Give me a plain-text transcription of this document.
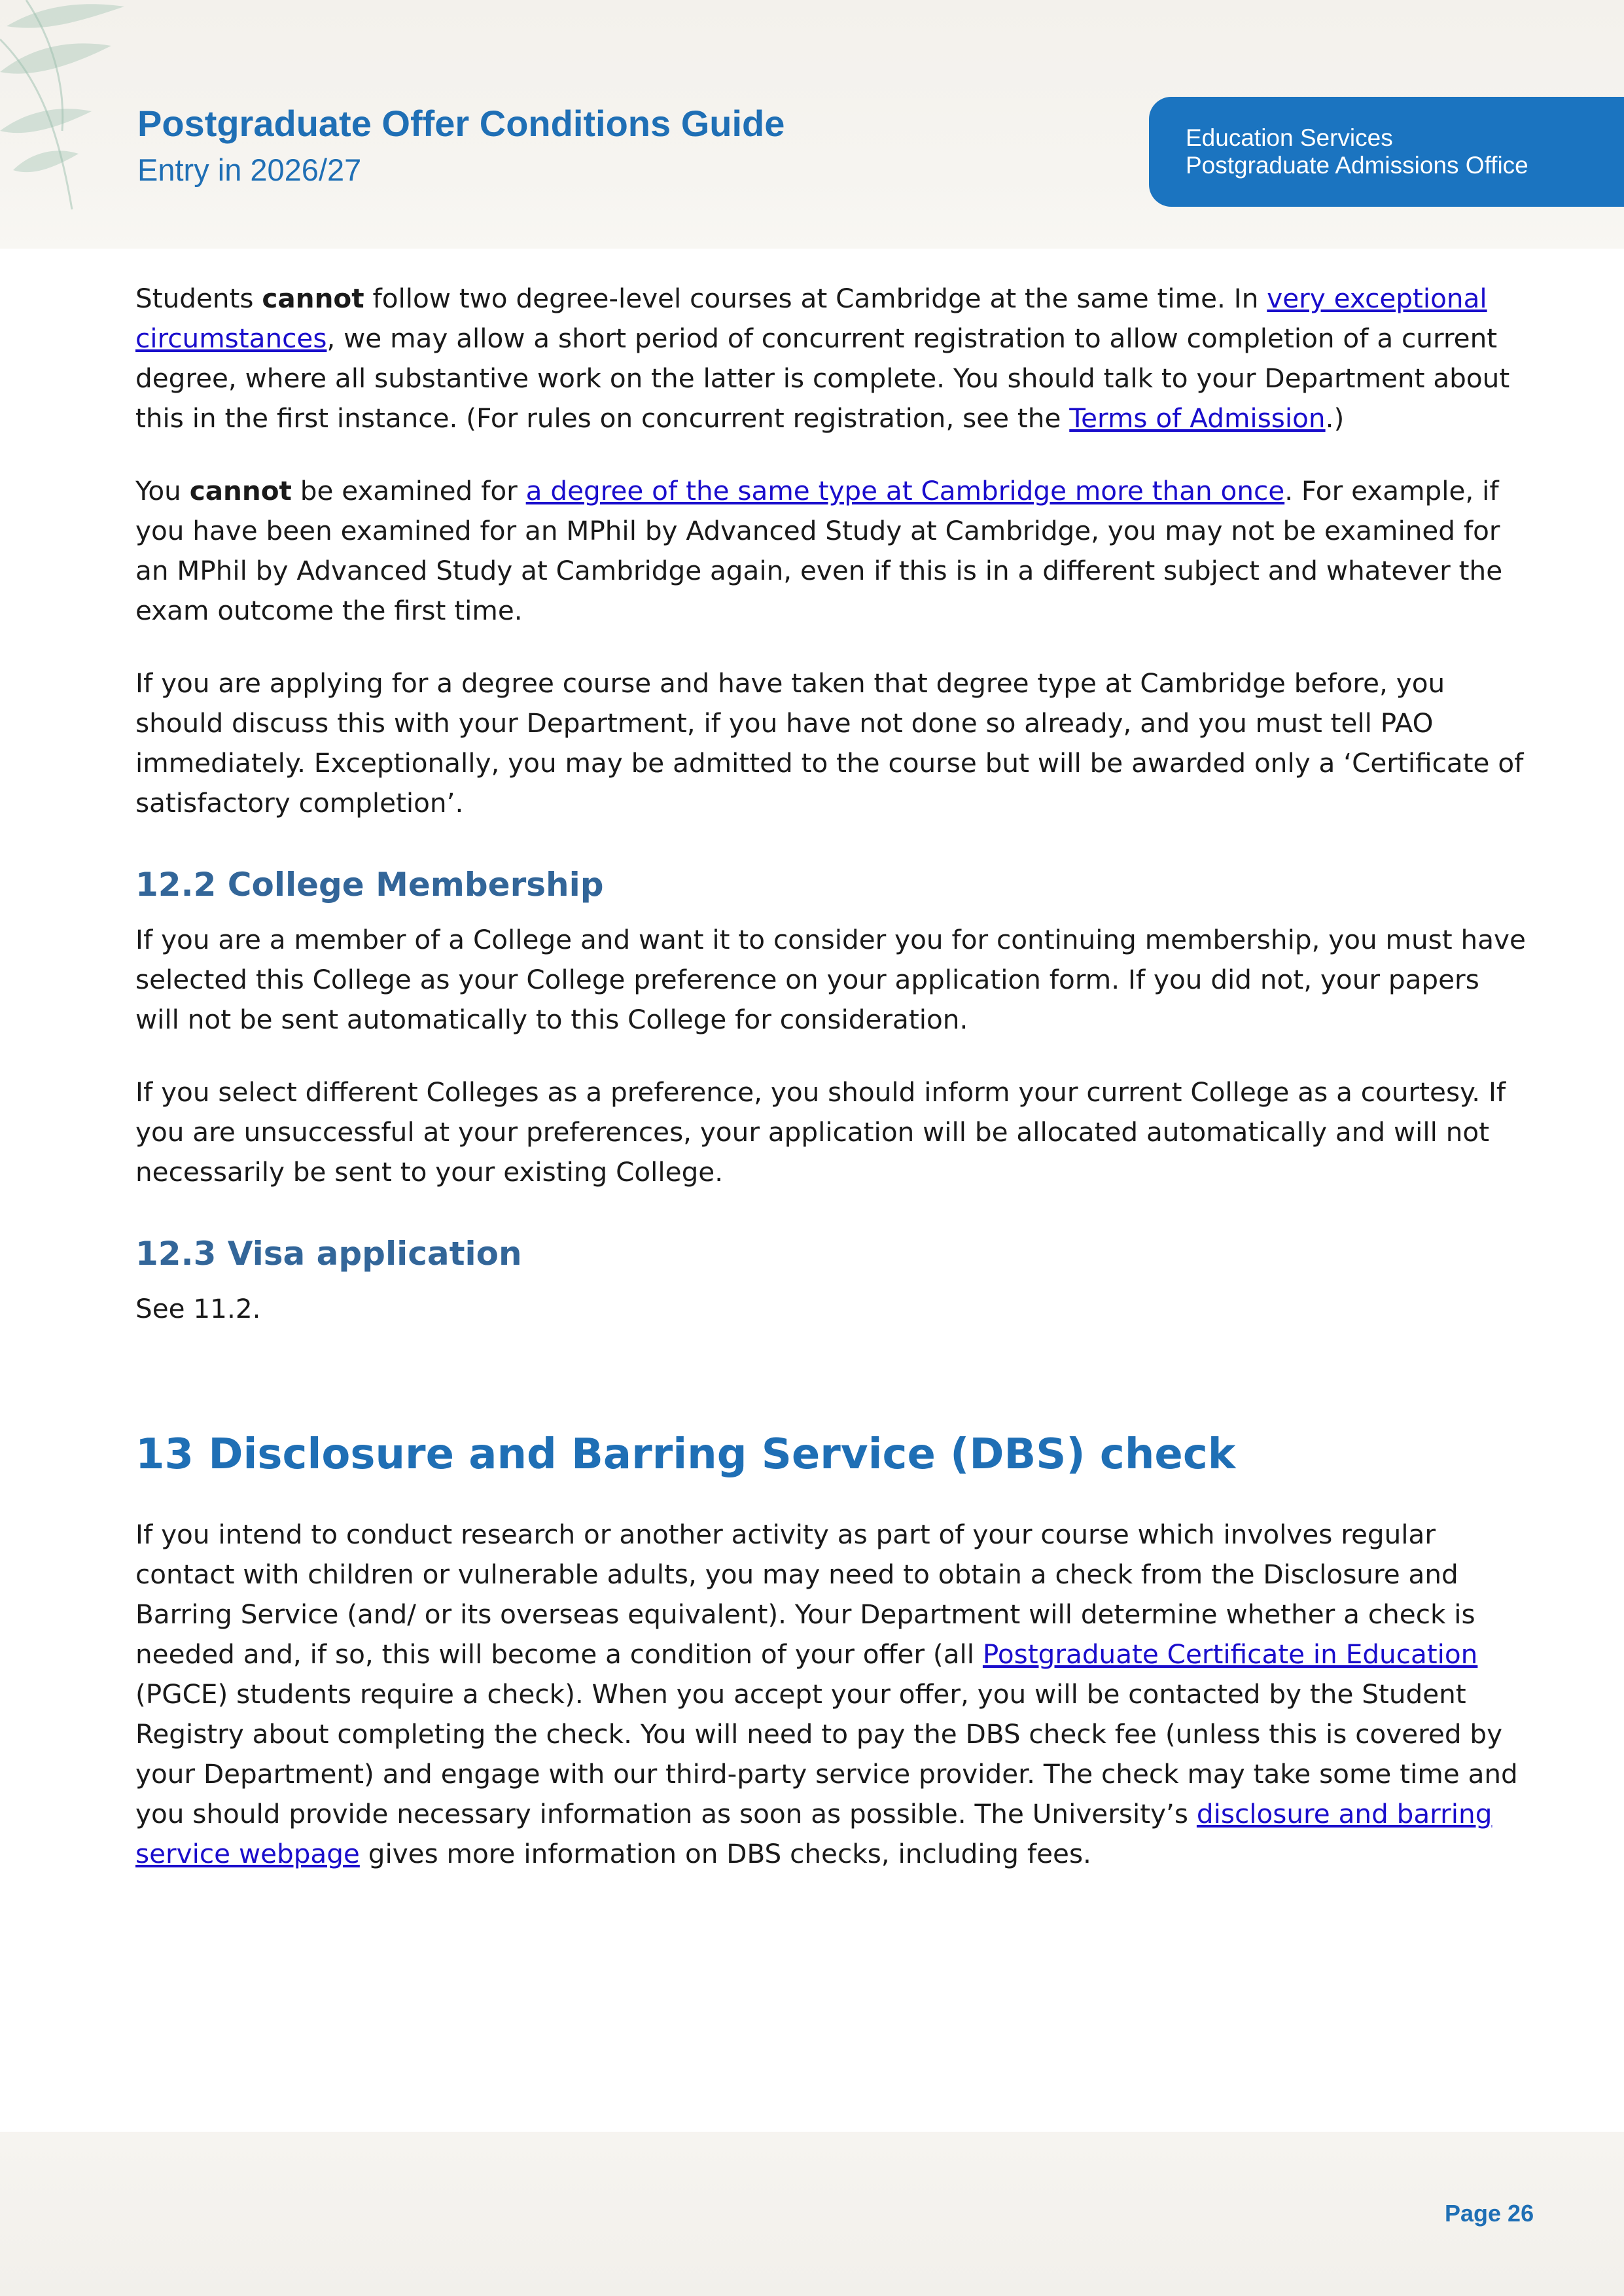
Postgraduate Offer Conditions Guide
Entry in 2026/27
Education Services
Postgraduate Admissions Office

Students cannot follow two degree-level courses at Cambridge at the same time. In very exceptional circumstances, we may allow a short period of concurrent registration to allow completion of a current degree, where all substantive work on the latter is complete. You should talk to your Department about this in the first instance. (For rules on concurrent registration, see the Terms of Admission.)

You cannot be examined for a degree of the same type at Cambridge more than once. For example, if you have been examined for an MPhil by Advanced Study at Cambridge, you may not be examined for an MPhil by Advanced Study at Cambridge again, even if this is in a different subject and whatever the exam outcome the first time.

If you are applying for a degree course and have taken that degree type at Cambridge before, you should discuss this with your Department, if you have not done so already, and you must tell PAO immediately. Exceptionally, you may be admitted to the course but will be awarded only a ‘Certificate of satisfactory completion’.

12.2 College Membership

If you are a member of a College and want it to consider you for continuing membership, you must have selected this College as your College preference on your application form. If you did not, your papers will not be sent automatically to this College for consideration.

If you select different Colleges as a preference, you should inform your current College as a courtesy. If you are unsuccessful at your preferences, your application will be allocated automatically and will not necessarily be sent to your existing College.

12.3 Visa application

See 11.2.

13 Disclosure and Barring Service (DBS) check

If you intend to conduct research or another activity as part of your course which involves regular contact with children or vulnerable adults, you may need to obtain a check from the Disclosure and Barring Service (and/ or its overseas equivalent). Your Department will determine whether a check is needed and, if so, this will become a condition of your offer (all Postgraduate Certificate in Education (PGCE) students require a check). When you accept your offer, you will be contacted by the Student Registry about completing the check. You will need to pay the DBS check fee (unless this is covered by your Department) and engage with our third-party service provider. The check may take some time and you should provide necessary information as soon as possible. The University’s disclosure and barring service webpage gives more information on DBS checks, including fees.

Page 26
